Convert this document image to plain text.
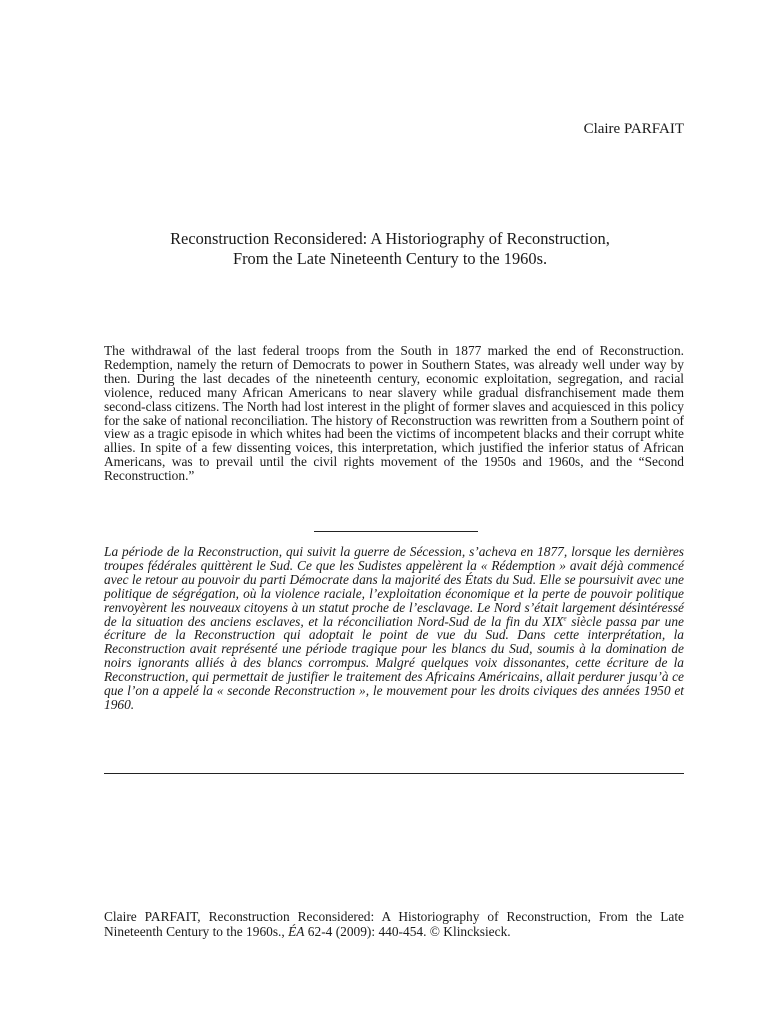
Claire PARFAIT
Reconstruction Reconsidered: A Historiography of Reconstruction,
From the Late Nineteenth Century to the 1960s.

The withdrawal of the last federal troops from the South in 1877 marked the end of Reconstruction. Redemption, namely the return of Democrats to power in Southern States, was already well under way by then. During the last decades of the nineteenth century, economic exploitation, segregation, and racial violence, reduced many African Americans to near slavery while gradual disfranchisement made them second-class citizens. The North had lost interest in the plight of former slaves and acquiesced in this policy for the sake of national reconciliation. The history of Reconstruction was rewritten from a Southern point of view as a tragic episode in which whites had been the victims of incompetent blacks and their corrupt white allies. In spite of a few dissenting voices, this interpretation, which justified the inferior status of African Americans, was to prevail until the civil rights movement of the 1950s and 1960s, and the “Second Reconstruction.”

La période de la Reconstruction, qui suivit la guerre de Sécession, s’acheva en 1877, lorsque les dernières troupes fédérales quittèrent le Sud. Ce que les Sudistes appelèrent la « Rédemption » avait déjà commencé avec le retour au pouvoir du parti Démocrate dans la majorité des États du Sud. Elle se poursuivit avec une politique de ségrégation, où la violence raciale, l’exploitation économique et la perte de pouvoir politique renvoyèrent les nouveaux citoyens à un statut proche de l’esclavage. Le Nord s’était largement désintéressé de la situation des anciens esclaves, et la réconciliation Nord-Sud de la fin du XIXe siècle passa par une écriture de la Reconstruction qui adoptait le point de vue du Sud. Dans cette interprétation, la Reconstruction avait représenté une période tragique pour les blancs du Sud, soumis à la domination de noirs ignorants alliés à des blancs corrompus. Malgré quelques voix dissonantes, cette écriture de la Reconstruction, qui permettait de justifier le traitement des Africains Américains, allait perdurer jusqu’à ce que l’on a appelé la « seconde Reconstruction », le mouvement pour les droits civiques des années 1950 et 1960.

Claire PARFAIT, Reconstruction Reconsidered: A Historiography of Reconstruction, From the Late Nineteenth Century to the 1960s., ÉA 62-4 (2009): 440-454. © Klincksieck.
